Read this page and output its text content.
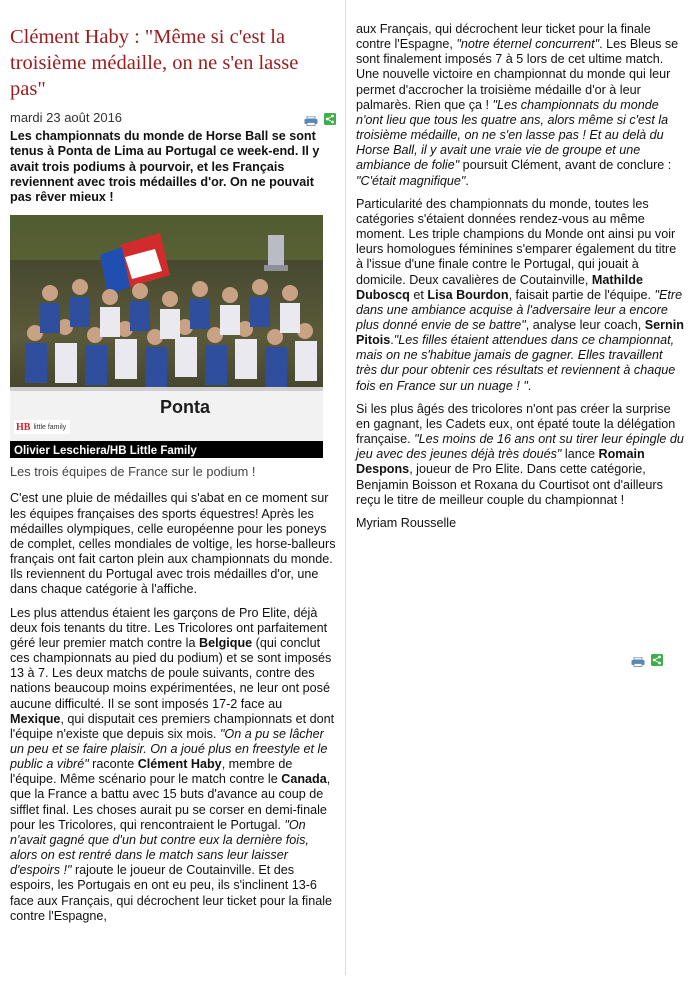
Clément Haby : "Même si c'est la troisième médaille, on ne s'en lasse pas"
mardi 23 août 2016
Les championnats du monde de Horse Ball se sont tenus à Ponta de Lima au Portugal ce week-end. Il y avait trois podiums à pourvoir, et les Français reviennent avec trois médailles d'or. On ne pouvait pas rêver mieux !
Ponta
HB little family
Olivier Leschiera/HB Little Family
Les trois équipes de France sur le podium !

C'est une pluie de médailles qui s'abat en ce moment sur les équipes françaises des sports équestres! Après les médailles olympiques, celle européenne pour les poneys de complet, celles mondiales de voltige, les horse-balleurs français ont fait carton plein aux championnats du monde. Ils reviennent du Portugal avec trois médailles d'or, une dans chaque catégorie à l'affiche.

Les plus attendus étaient les garçons de Pro Elite, déjà deux fois tenants du titre. Les Tricolores ont parfaitement géré leur premier match contre la Belgique (qui conclut ces championnats au pied du podium) et se sont imposés 13 à 7. Les deux matchs de poule suivants, contre des nations beaucoup moins expérimentées, ne leur ont posé aucune difficulté. Il se sont imposés 17-2 face au Mexique, qui disputait ces premiers championnats et dont l'équipe n'existe que depuis six mois. "On a pu se lâcher un peu et se faire plaisir. On a joué plus en freestyle et le public a vibré" raconte Clément Haby, membre de l'équipe. Même scénario pour le match contre le Canada, que la France a battu avec 15 buts d'avance au coup de sifflet final. Les choses aurait pu se corser en demi-finale pour les Tricolores, qui rencontraient le Portugal. "On n'avait gagné que d'un but contre eux la dernière fois, alors on est rentré dans le match sans leur laisser d'espoirs !" rajoute le joueur de Coutainville. Et des espoirs, les Portugais en ont eu peu, ils s'inclinent 13-6 face aux Français, qui décrochent leur ticket pour la finale contre l'Espagne,

aux Français, qui décrochent leur ticket pour la finale contre l'Espagne, "notre éternel concurrent". Les Bleus se sont finalement imposés 7 à 5 lors de cet ultime match. Une nouvelle victoire en championnat du monde qui leur permet d'accrocher la troisième médaille d'or à leur palmarès. Rien que ça ! "Les championnats du monde n'ont lieu que tous les quatre ans, alors même si c'est la troisième médaille, on ne s'en lasse pas ! Et au delà du Horse Ball, il y avait une vraie vie de groupe et une ambiance de folie" poursuit Clément, avant de conclure : "C'était magnifique".

Particularité des championnats du monde, toutes les catégories s'étaient données rendez-vous au même moment. Les triple champions du Monde ont ainsi pu voir leurs homologues féminines s'emparer également du titre à l'issue d'une finale contre le Portugal, qui jouait à domicile. Deux cavalières de Coutainville, Mathilde Duboscq et Lisa Bourdon, faisait partie de l'équipe. "Etre dans une ambiance acquise à l'adversaire leur a encore plus donné envie de se battre", analyse leur coach, Sernin Pitois."Les filles étaient attendues dans ce championnat, mais on ne s'habitue jamais de gagner. Elles travaillent très dur pour obtenir ces résultats et reviennent à chaque fois en France sur un nuage ! ".

Si les plus âgés des tricolores n'ont pas créer la surprise en gagnant, les Cadets eux, ont épaté toute la délégation française. "Les moins de 16 ans ont su tirer leur épingle du jeu avec des jeunes déjà très doués" lance Romain Despons, joueur de Pro Elite. Dans cette catégorie, Benjamin Boisson et Roxana du Courtisot ont d'ailleurs reçu le titre de meilleur couple du championnat !

Myriam Rousselle
